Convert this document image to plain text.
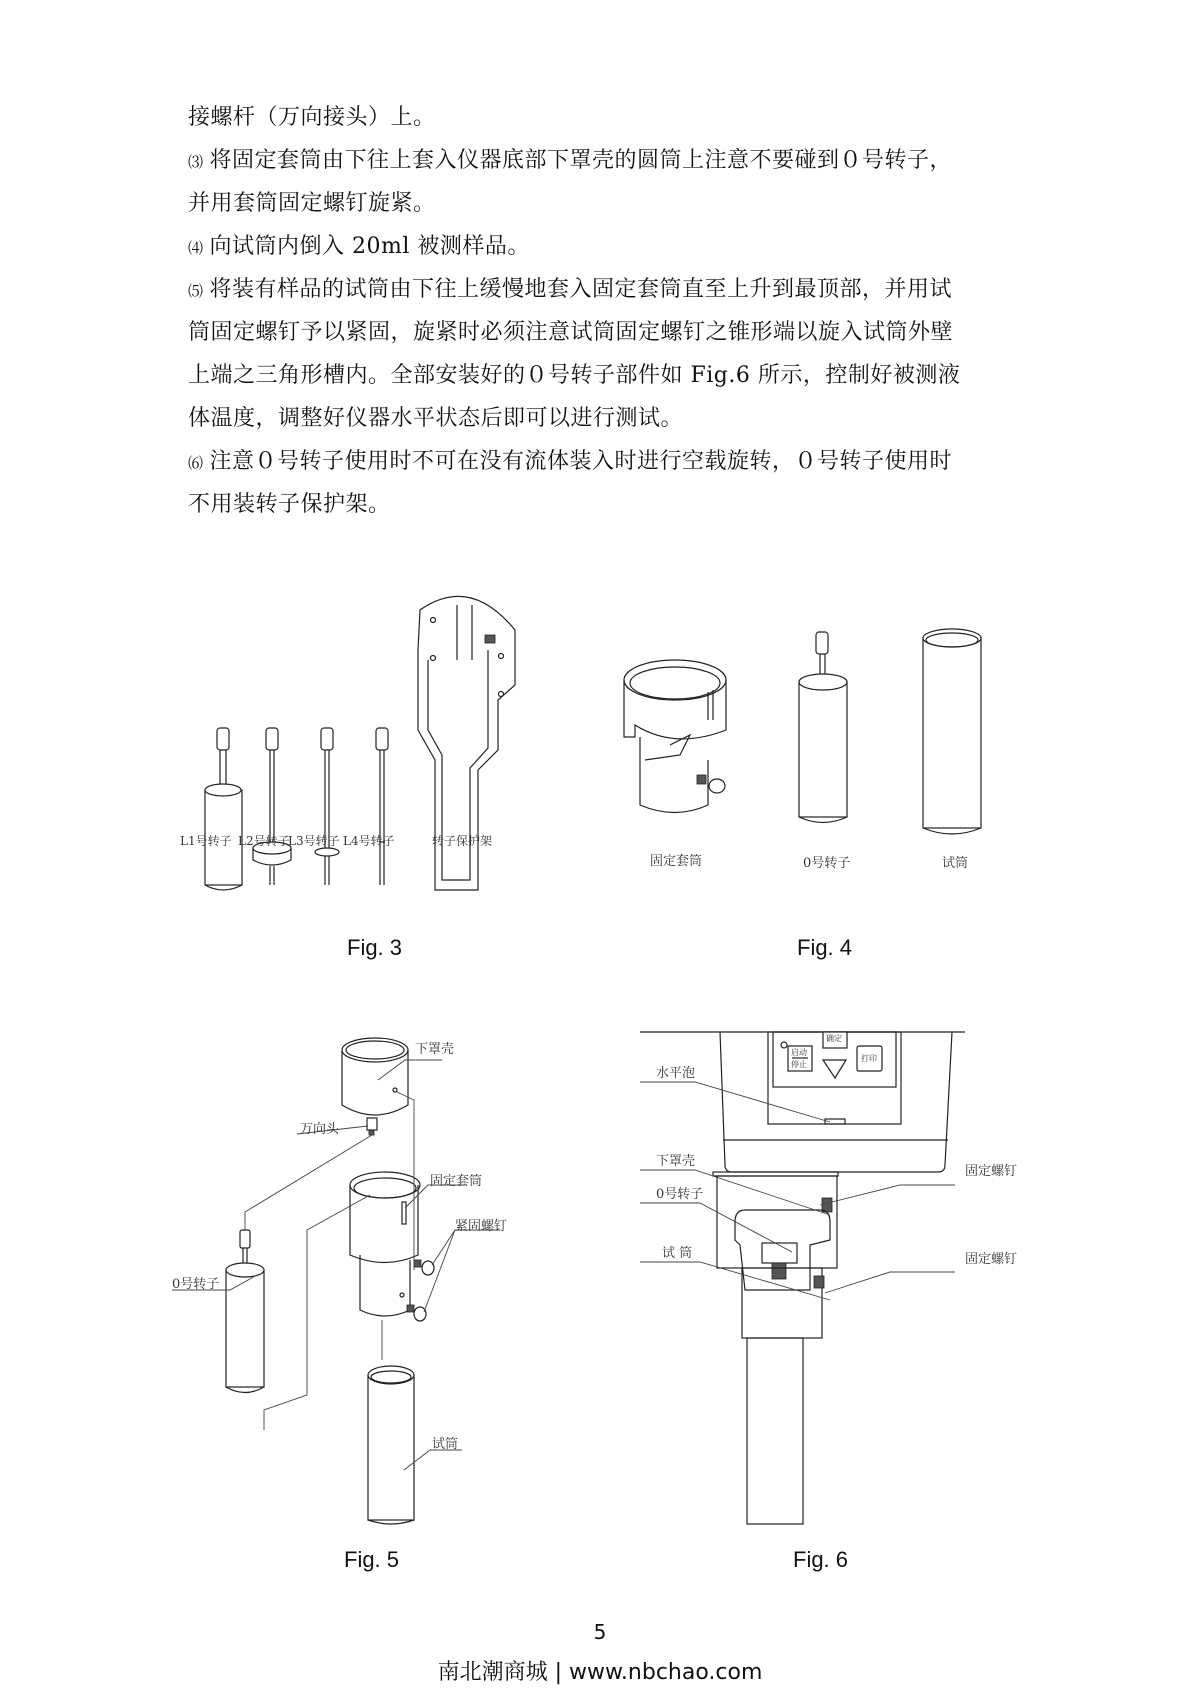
接螺杆（万向接头）上。
⑶ 将固定套筒由下往上套入仪器底部下罩壳的圆筒上注意不要碰到０号转子，
并用套筒固定螺钉旋紧。
⑷ 向试筒内倒入 20ml 被测样品。
⑸ 将装有样品的试筒由下往上缓慢地套入固定套筒直至上升到最顶部，并用试
筒固定螺钉予以紧固，旋紧时必须注意试筒固定螺钉之锥形端以旋入试筒外壁
上端之三角形槽内。全部安装好的０号转子部件如 Fig.6 所示，控制好被测液
体温度，调整好仪器水平状态后即可以进行测试。
⑹ 注意０号转子使用时不可在没有流体装入时进行空载旋转，０号转子使用时
不用装转子保护架。
L1号转子 L2号转子
L3号转子 L4号转子	转子保护架
Fig. 3
固定套筒	0号转子	试筒
Fig. 4
下罩壳
万向头
固定套筒
紧固螺钉
0号转子
试筒
Fig. 5
确定
启动
停止
打印
水平泡
下罩壳
0号转子
固定螺钉
固定螺钉
试 筒
Fig. 6
5
南北潮商城 | www.nbchao.com
